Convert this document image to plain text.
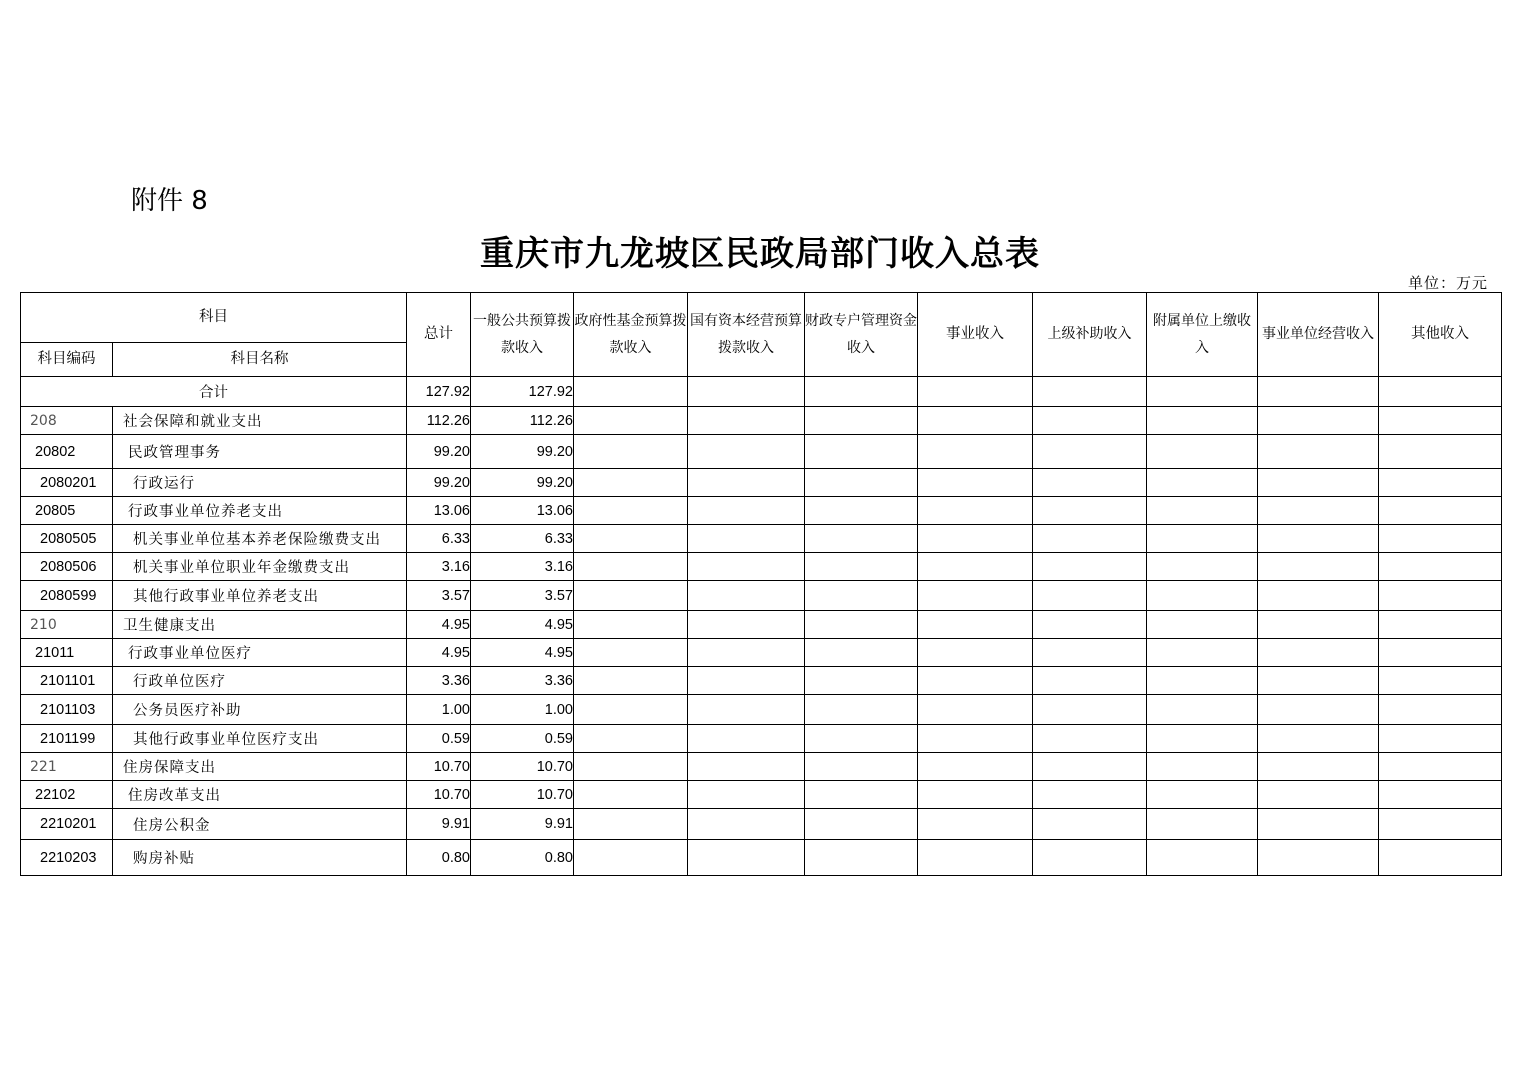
附件 8
重庆市九龙坡区民政局部门收入总表
单位：万元
科目		总计	一般公共预算拨款收入	政府性基金预算拨款收入	国有资本经营预算拨款收入	财政专户管理资金收入	事业收入	上级补助收入	附属单位上缴收入	事业单位经营收入	其他收入
科目编码	科目名称										
合计		127.92	127.92								
208	社会保障和就业支出	112.26	112.26								
20802	民政管理事务	99.20	99.20								
2080201	行政运行	99.20	99.20								
20805	行政事业单位养老支出	13.06	13.06								
2080505	机关事业单位基本养老保险缴费支出	6.33	6.33								
2080506	机关事业单位职业年金缴费支出	3.16	3.16								
2080599	其他行政事业单位养老支出	3.57	3.57								
210	卫生健康支出	4.95	4.95								
21011	行政事业单位医疗	4.95	4.95								
2101101	行政单位医疗	3.36	3.36								
2101103	公务员医疗补助	1.00	1.00								
2101199	其他行政事业单位医疗支出	0.59	0.59								
221	住房保障支出	10.70	10.70								
22102	住房改革支出	10.70	10.70								
2210201	住房公积金	9.91	9.91								
2210203	购房补贴	0.80	0.80								
